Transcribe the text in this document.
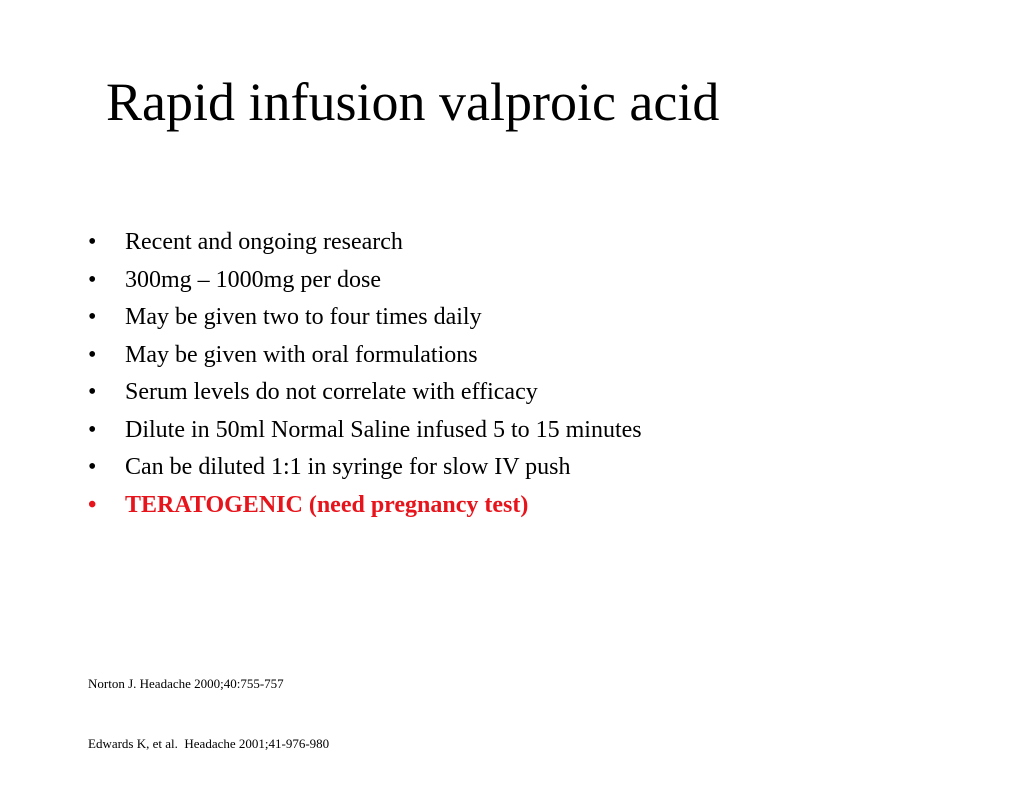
Rapid infusion valproic acid
•	Recent and ongoing research
•	300mg – 1000mg per dose
•	May be given two to four times daily
•	May be given with oral formulations
•	Serum levels do not correlate with efficacy
•	Dilute in 50ml Normal Saline infused 5 to 15 minutes
•	Can be diluted 1:1 in syringe for slow IV push
•	TERATOGENIC (need pregnancy test)

Norton J. Headache 2000;40:755-757

Edwards K, et al.  Headache 2001;41-976-980
